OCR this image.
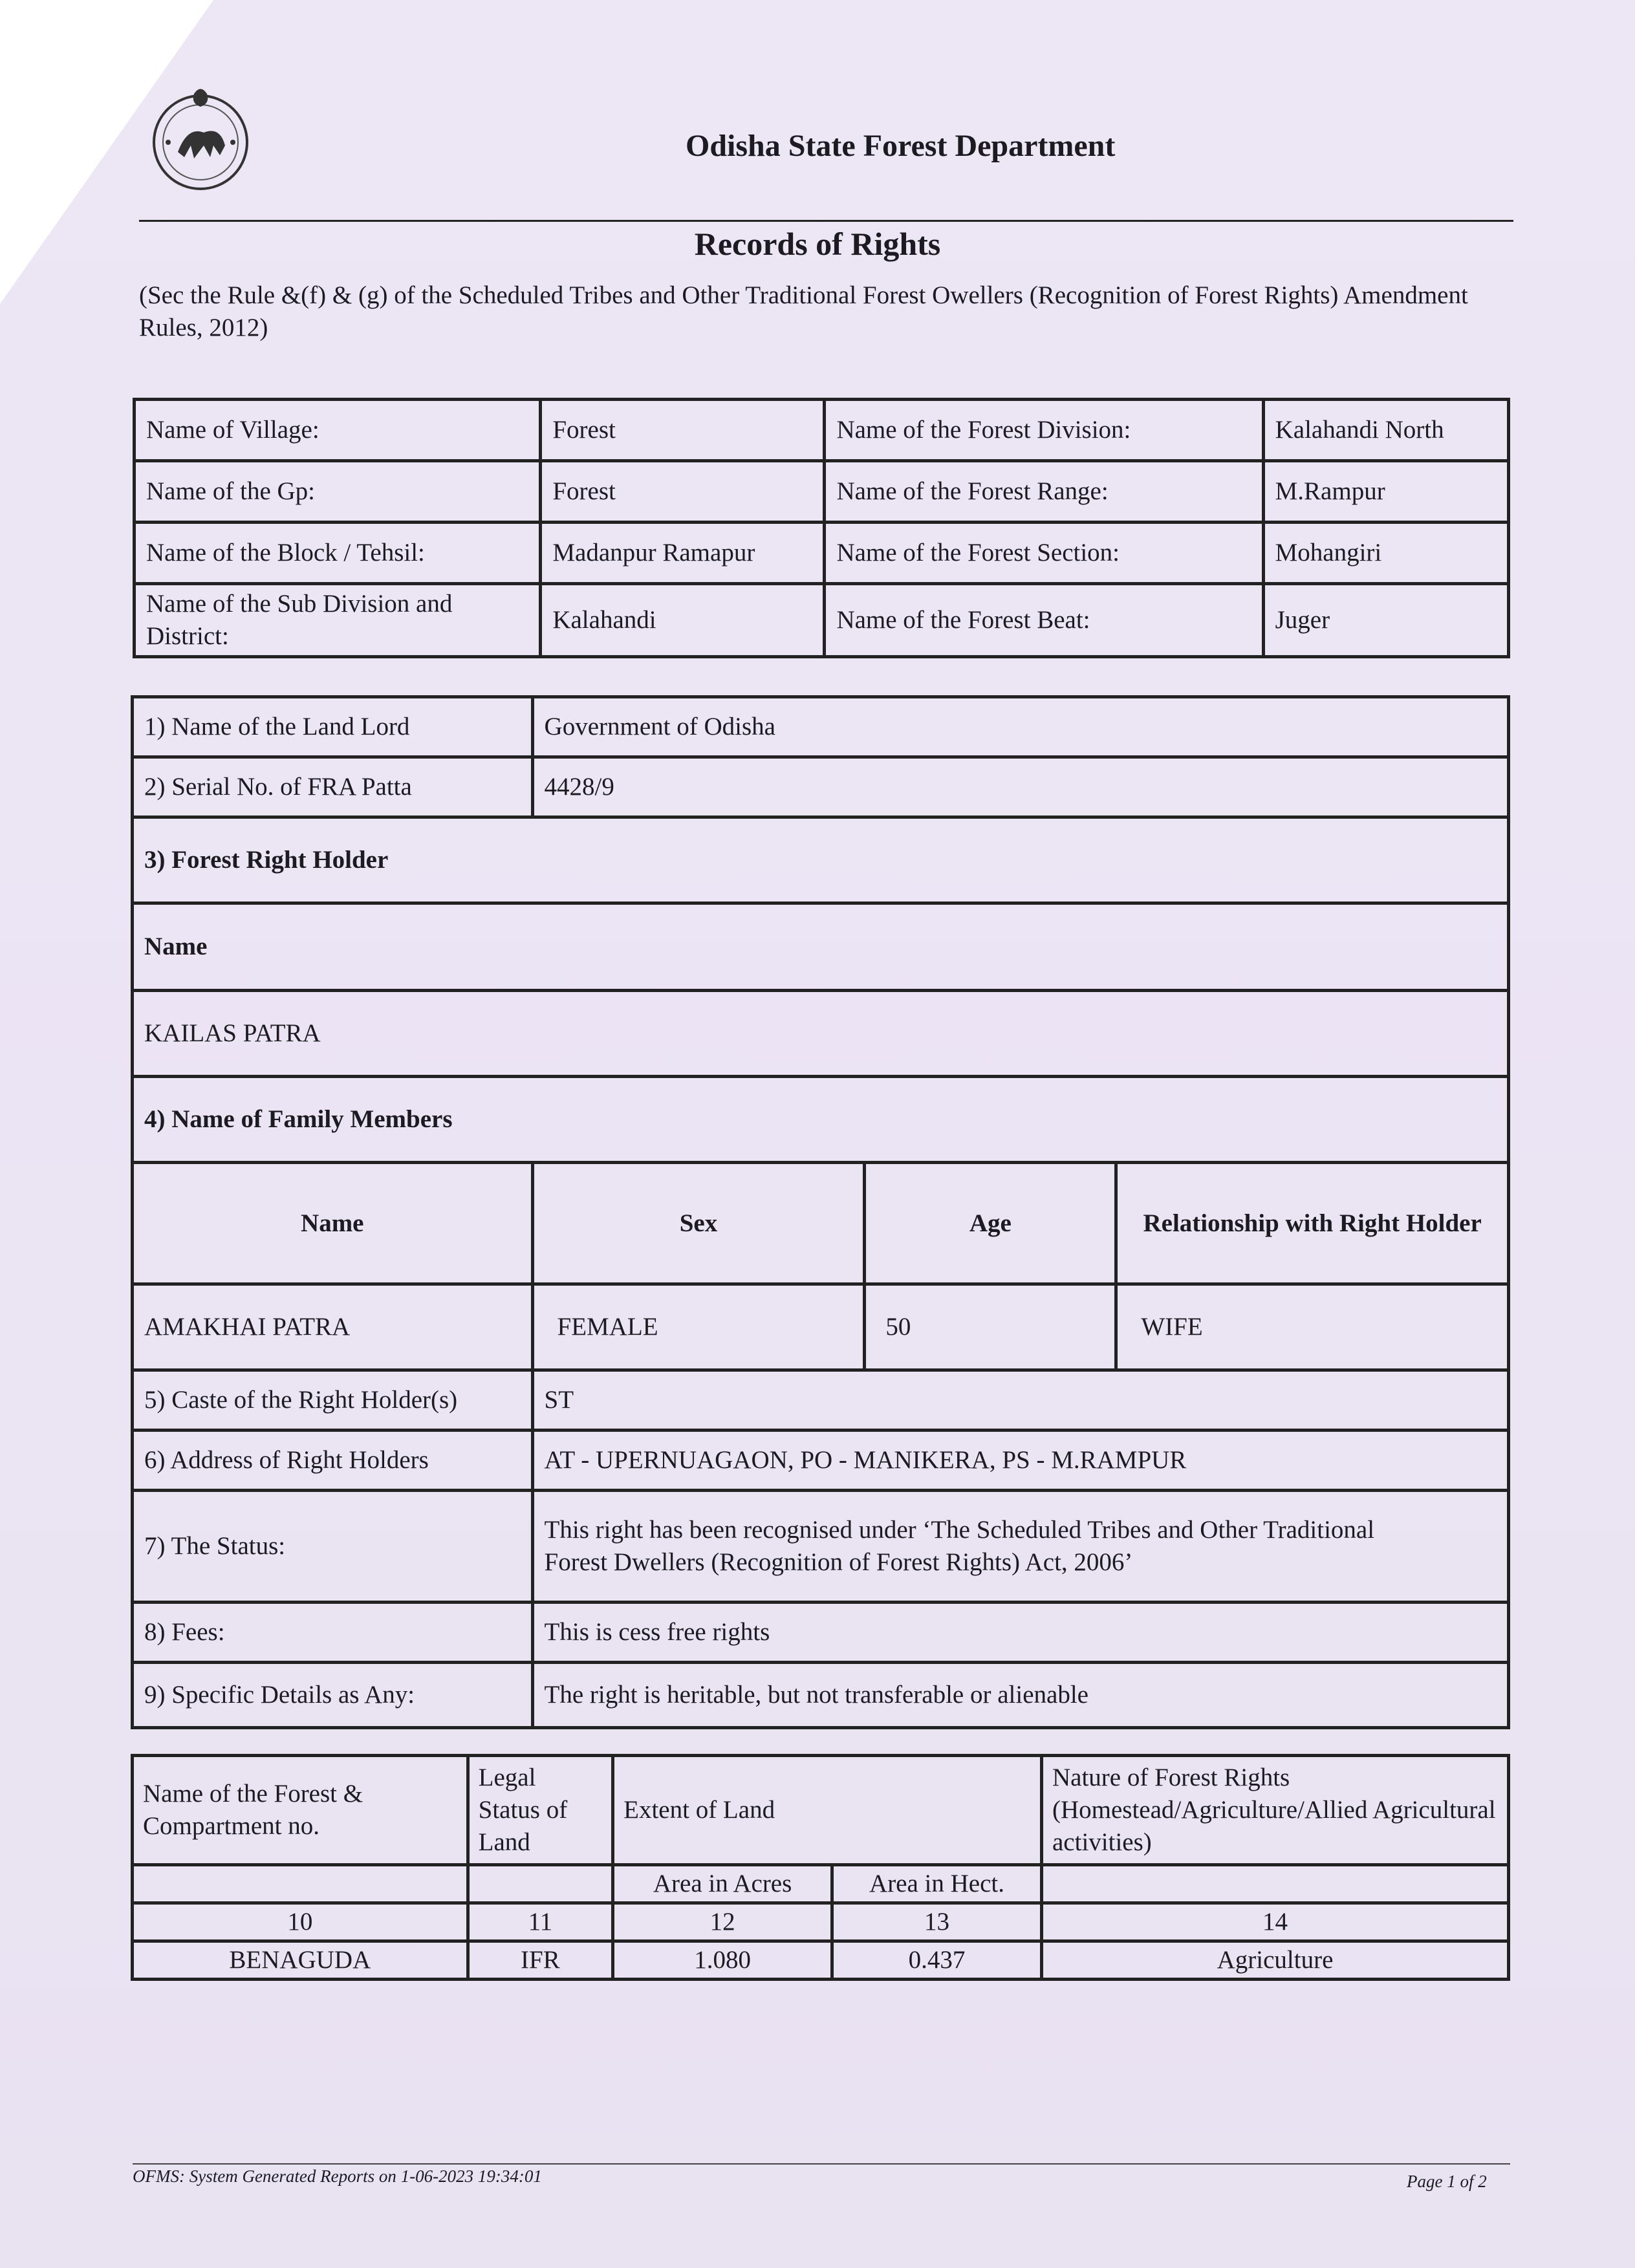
Odisha State Forest Department
Records of Rights
(Sec the Rule &(f) & (g) of the Scheduled Tribes and Other Traditional Forest Owellers (Recognition of Forest Rights) Amendment Rules, 2012)
Name of Village:	Forest	Name of the Forest Division:	Kalahandi North
Name of the Gp:	Forest	Name of the Forest Range:	M.Rampur
Name of the Block / Tehsil:	Madanpur Ramapur	Name of the Forest Section:	Mohangiri
Name of the Sub Division and District:	Kalahandi	Name of the Forest Beat:	Juger
1) Name of the Land Lord	Government of Odisha		
2) Serial No. of FRA Patta	4428/9		
3) Forest Right Holder			
Name			
KAILAS PATRA			
4) Name of Family Members			
Name	Sex	Age	Relationship with Right Holder
AMAKHAI PATRA	FEMALE	50	WIFE
5) Caste of the Right Holder(s)	ST		
6) Address of Right Holders	AT - UPERNUAGAON, PO - MANIKERA, PS - M.RAMPUR		
7) The Status:	This right has been recognised under ‘The Scheduled Tribes and Other Traditional
Forest Dwellers (Recognition of Forest Rights) Act, 2006’		

8) Fees:	This is cess free rights		
9) Specific Details as Any:	The right is heritable, but not transferable or alienable		
Name of the Forest & Compartment no.	Legal Status of Land	Extent of Land		Nature of Forest Rights (Homestead/Agriculture/Allied Agricultural activities)
		Area in Acres	Area in Hect.	
10	11	12	13	14
BENAGUDA	IFR	1.080	0.437	Agriculture
OFMS: System Generated Reports on 1-06-2023 19:34:01	Page 1 of 2
